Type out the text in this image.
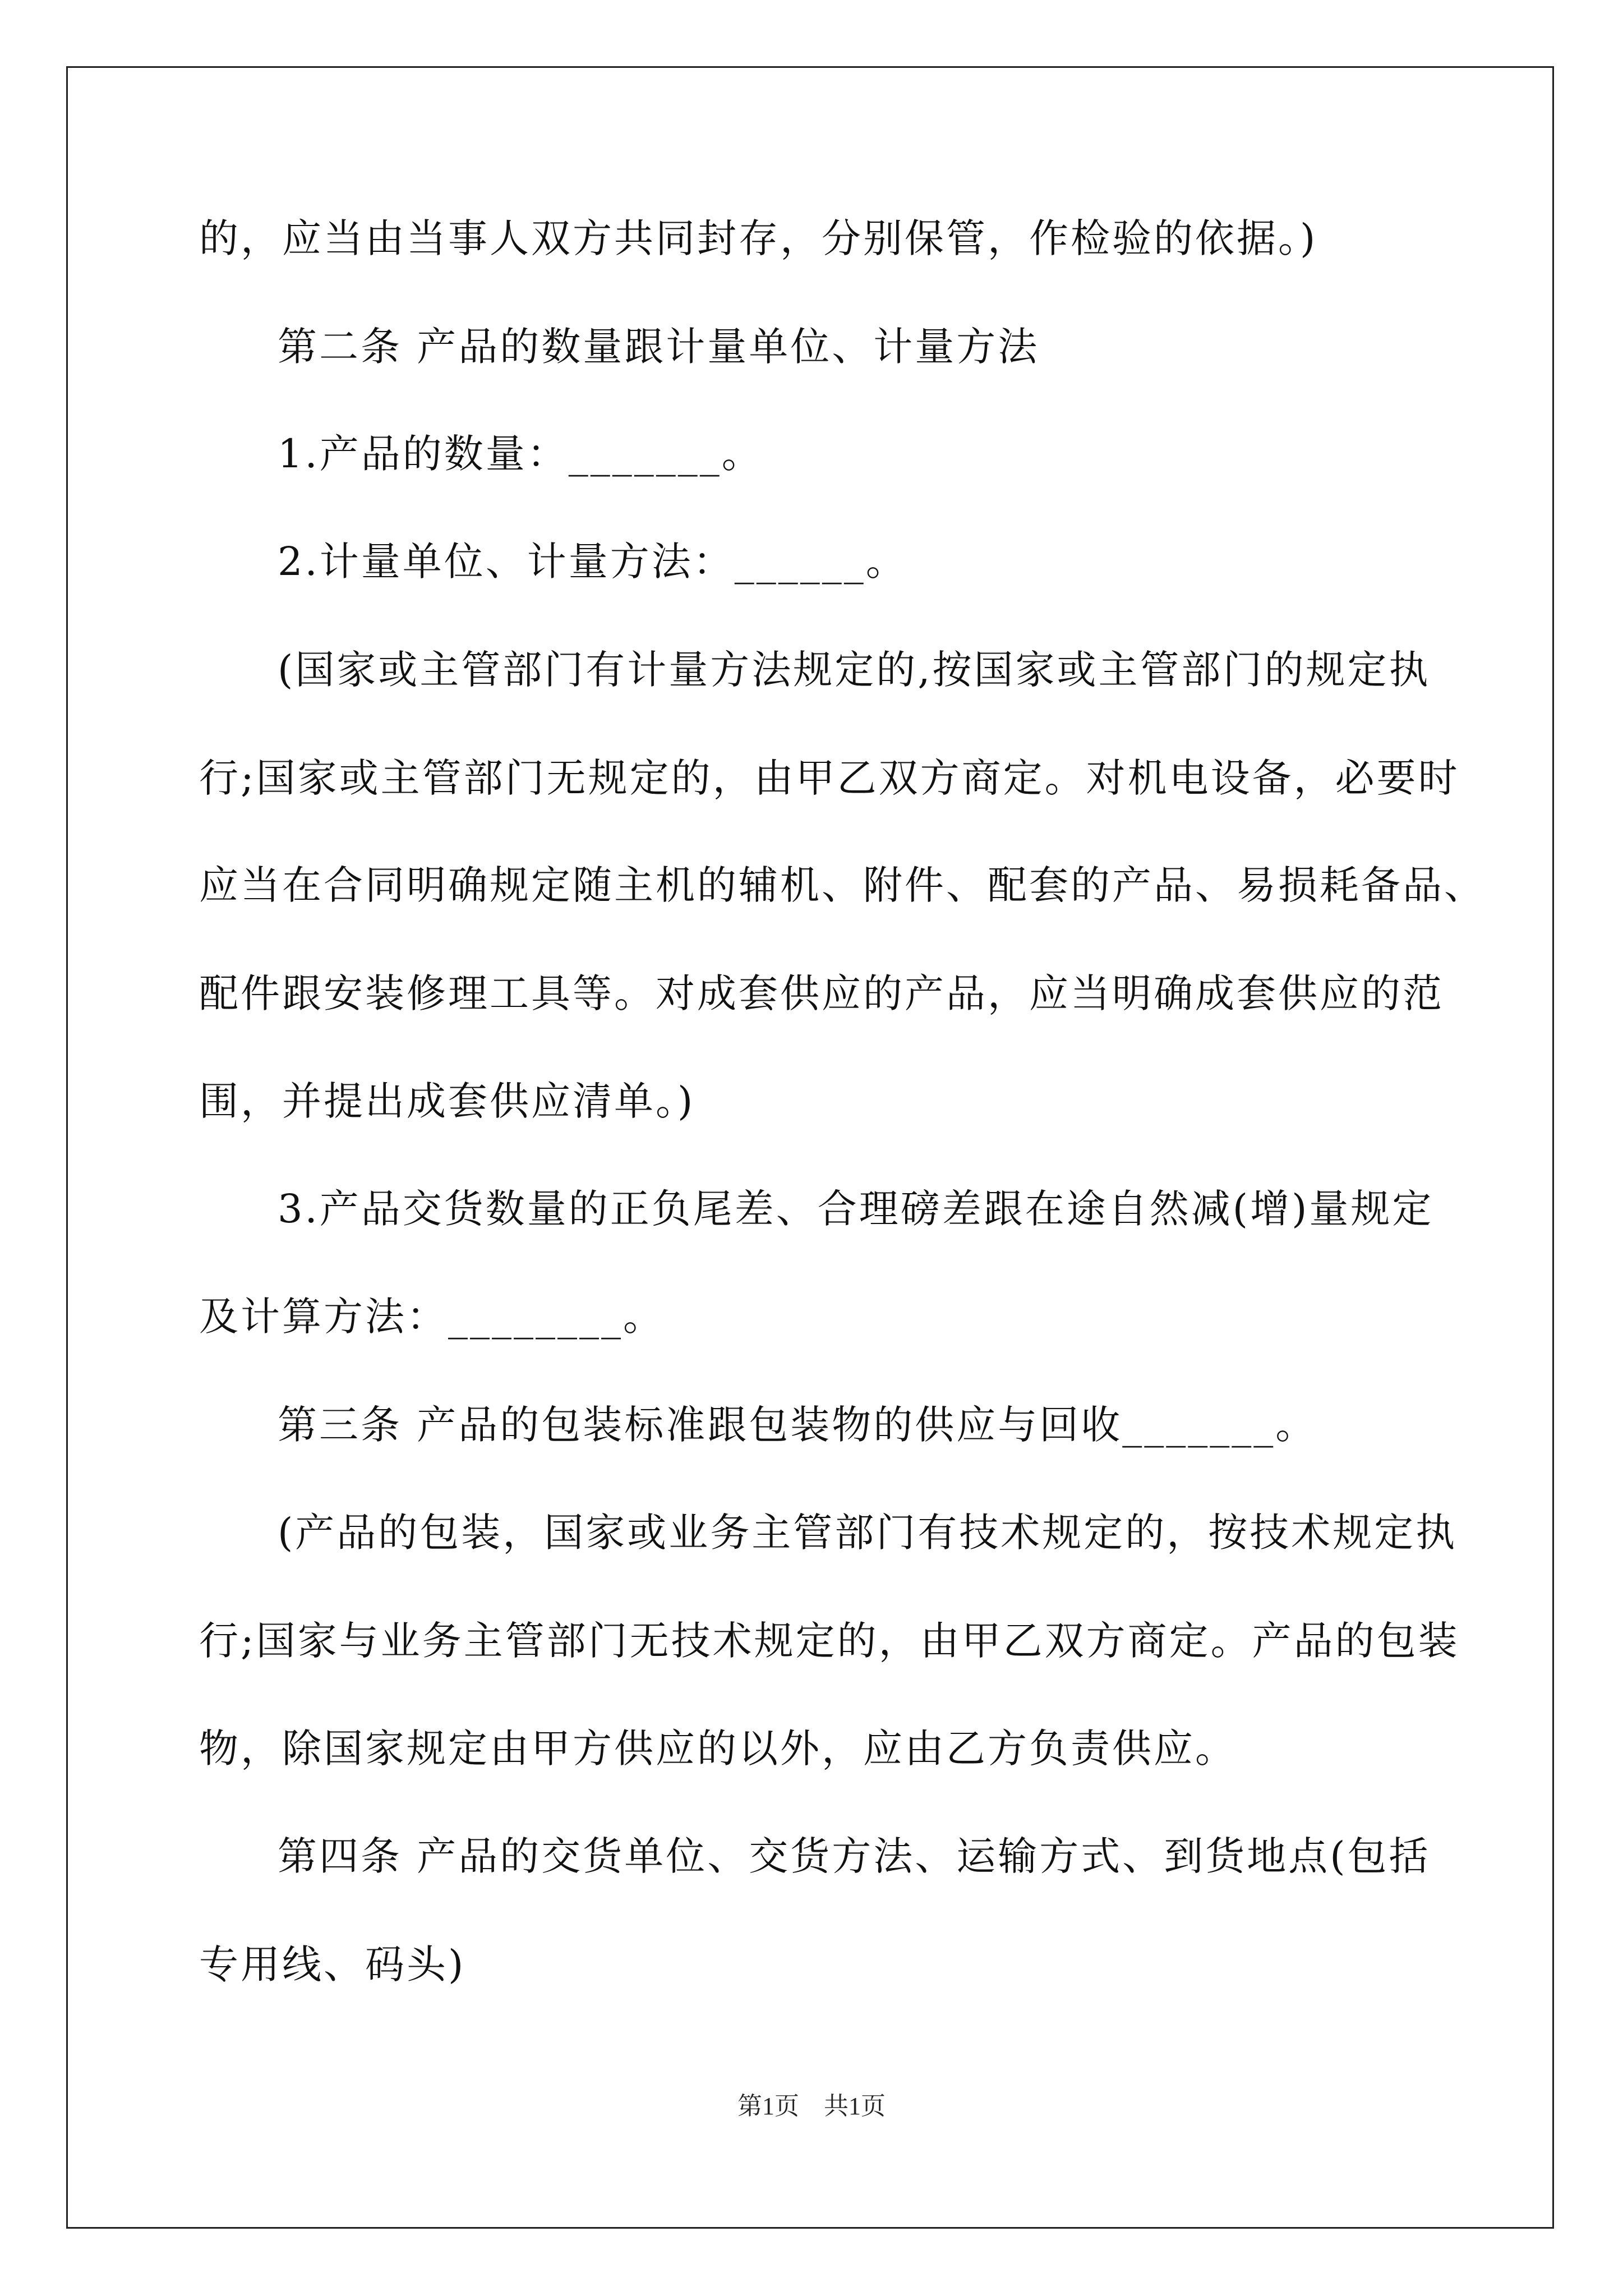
的，应当由当事人双方共同封存，分别保管，作检验的依据。)
第二条 产品的数量跟计量单位、计量方法
1.产品的数量：_______。
2.计量单位、计量方法：______。
(国家或主管部门有计量方法规定的,按国家或主管部门的规定执
行;国家或主管部门无规定的，由甲乙双方商定。对机电设备，必要时
应当在合同明确规定随主机的辅机、附件、配套的产品、易损耗备品、
配件跟安装修理工具等。对成套供应的产品，应当明确成套供应的范
围，并提出成套供应清单。)
3.产品交货数量的正负尾差、合理磅差跟在途自然减(增)量规定
及计算方法：________。
第三条 产品的包装标准跟包装物的供应与回收_______。
(产品的包装，国家或业务主管部门有技术规定的，按技术规定执
行;国家与业务主管部门无技术规定的，由甲乙双方商定。产品的包装
物，除国家规定由甲方供应的以外，应由乙方负责供应。
第四条 产品的交货单位、交货方法、运输方式、到货地点(包括
专用线、码头)
第1页　共1页
